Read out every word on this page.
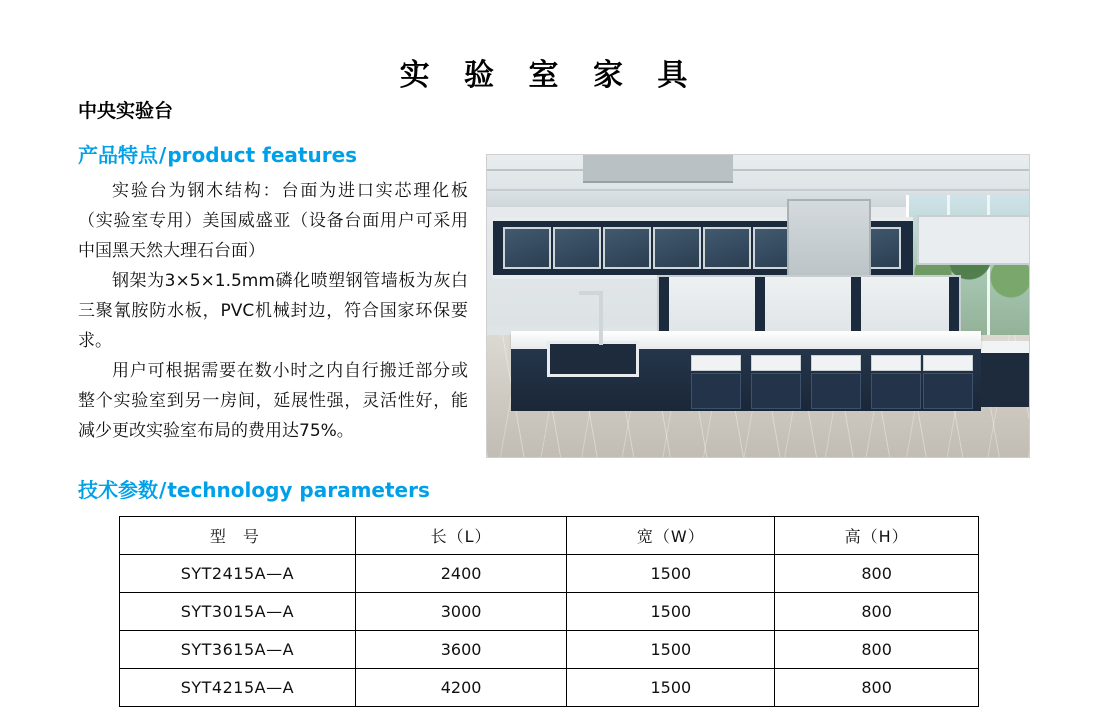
实 验 室 家 具
中央实验台
产品特点/product features

实验台为钢木结构：台面为进口实芯理化板（实验室专用）美国威盛亚（设备台面用户可采用中国黑天然大理石台面）

钢架为3×5×1.5mm磷化喷塑钢管墙板为灰白三聚氰胺防水板，PVC机械封边，符合国家环保要求。

用户可根据需要在数小时之内自行搬迁部分或整个实验室到另一房间，延展性强，灵活性好，能减少更改实验室布局的费用达75%。

技术参数/technology parameters
型 号	长（L）	宽（W）	高（H）
SYT2415A—A	2400	1500	800
SYT3015A—A	3000	1500	800
SYT3615A—A	3600	1500	800
SYT4215A—A	4200	1500	800
